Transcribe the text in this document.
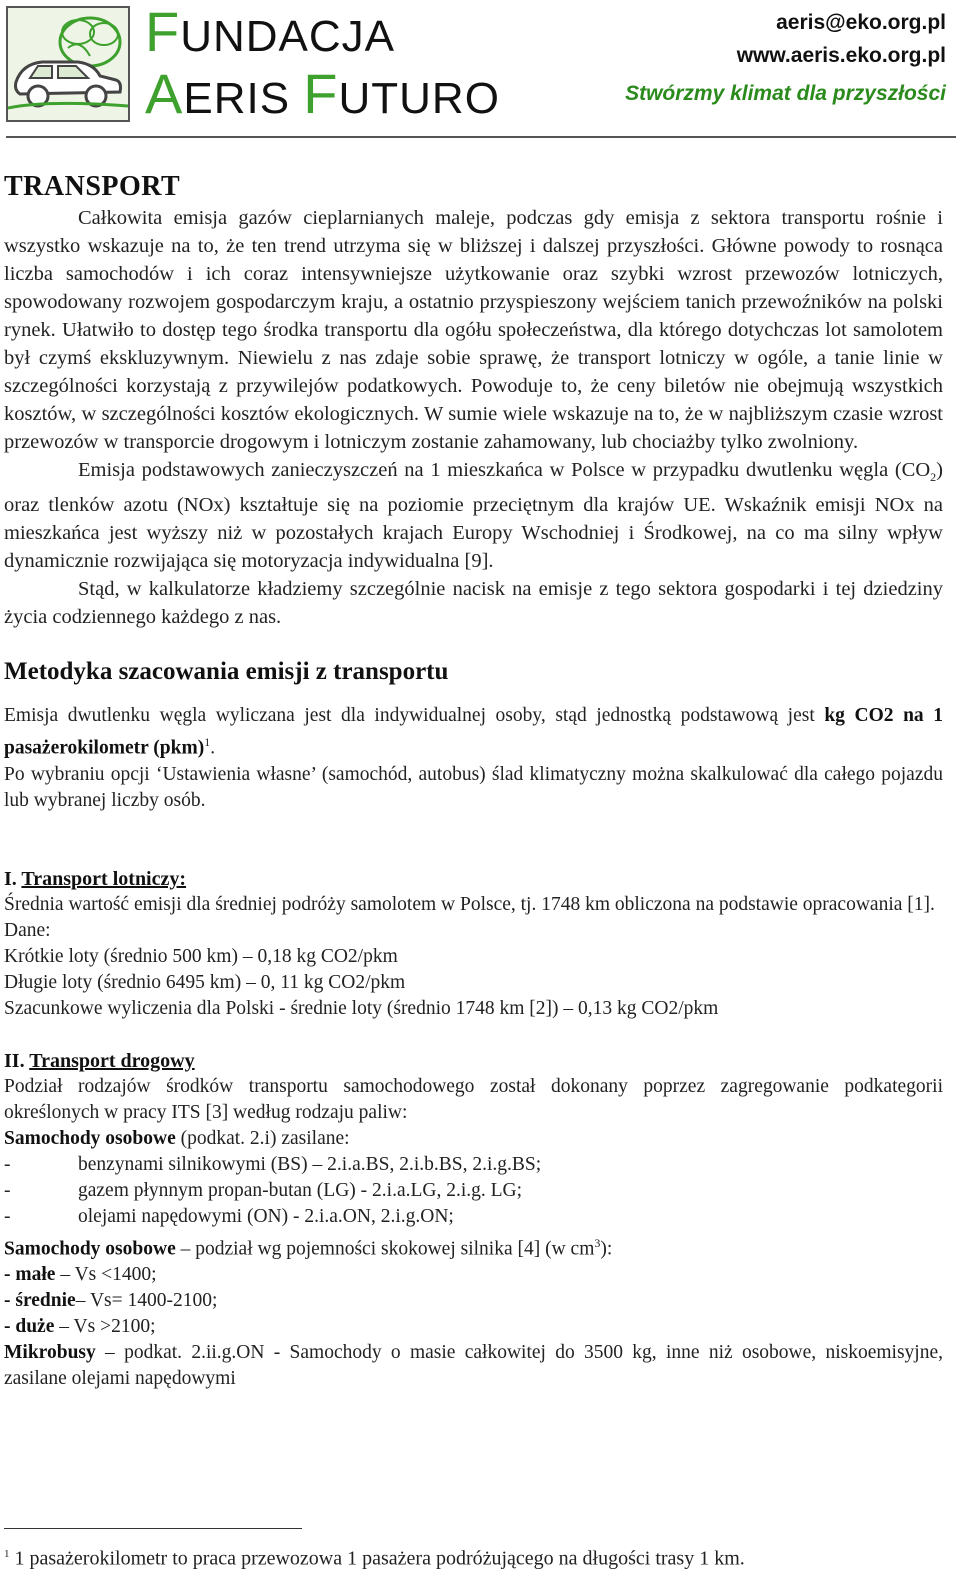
FUNDACJA
AERIS FUTURO
aeris@eko.org.pl
www.aeris.eko.org.pl
Stwórzmy klimat dla przyszłości
TRANSPORT

Całkowita emisja gazów cieplarnianych maleje, podczas gdy emisja z sektora transportu rośnie i wszystko wskazuje na to, że ten trend utrzyma się w bliższej i dalszej przyszłości. Główne powody to rosnąca liczba samochodów i ich coraz intensywniejsze użytkowanie oraz szybki wzrost przewozów lotniczych, spowodowany rozwojem gospodarczym kraju, a ostatnio przyspieszony wejściem tanich przewoźników na polski rynek. Ułatwiło to dostęp tego środka transportu dla ogółu społeczeństwa, dla którego dotychczas lot samolotem był czymś ekskluzywnym. Niewielu z nas zdaje sobie sprawę, że transport lotniczy w ogóle, a tanie linie w szczególności korzystają z przywilejów podatkowych. Powoduje to, że ceny biletów nie obejmują wszystkich kosztów, w szczególności kosztów ekologicznych. W sumie wiele wskazuje na to, że w najbliższym czasie wzrost przewozów w transporcie drogowym i lotniczym zostanie zahamowany, lub chociażby tylko zwolniony.

Emisja podstawowych zanieczyszczeń na 1 mieszkańca w Polsce w przypadku dwutlenku węgla $(CO_2)$ oraz tlenków azotu (NOx) kształtuje się na poziomie przeciętnym dla krajów UE. Wskaźnik emisji NOx na mieszkańca jest wyższy niż w pozostałych krajach Europy Wschodniej i Środkowej, na co ma silny wpływ dynamicznie rozwijająca się motoryzacja indywidualna [9].

Stąd, w kalkulatorze kładziemy szczególnie nacisk na emisje z tego sektora gospodarki i tej dziedziny życia codziennego każdego z nas.

Metodyka szacowania emisji z transportu

Emisja dwutlenku węgla wyliczana jest dla indywidualnej osoby, stąd jednostką podstawową jest kg CO2 na 1 pasażerokilometr (pkm)$^1$.

Po wybraniu opcji ‘Ustawienia własne’ (samochód, autobus) ślad klimatyczny można skalkulować dla całego pojazdu lub wybranej liczby osób.

I. Transport lotniczy:

Średnia wartość emisji dla średniej podróży samolotem w Polsce, tj. 1748 km obliczona na podstawie opracowania [1].

Dane:

Krótkie loty (średnio 500 km) – 0,18 kg CO2/pkm

Długie loty (średnio 6495 km) – 0, 11 kg CO2/pkm

Szacunkowe wyliczenia dla Polski - średnie loty (średnio 1748 km [2]) – 0,13 kg CO2/pkm

II. Transport drogowy

Podział rodzajów środków transportu samochodowego został dokonany poprzez zagregowanie podkategorii określonych w pracy ITS [3] według rodzaju paliw:

Samochody osobowe (podkat. 2.i) zasilane:

-	benzynami silnikowymi (BS) – 2.i.a.BS, 2.i.b.BS, 2.i.g.BS;

-	gazem płynnym propan-butan (LG) - 2.i.a.LG, 2.i.g. LG;

-	olejami napędowymi (ON) - 2.i.a.ON, 2.i.g.ON;

Samochody osobowe – podział wg pojemności skokowej silnika [4] (w $cm^3$):

- małe – Vs <1400;

- średnie– Vs= 1400-2100;

- duże – Vs >2100;

Mikrobusy – podkat. 2.ii.g.ON - Samochody o masie całkowitej do 3500 kg, inne niż osobowe, niskoemisyjne, zasilane olejami napędowymi

$^1$ 1 pasażerokilometr to praca przewozowa 1 pasażera podróżującego na długości trasy 1 km.
